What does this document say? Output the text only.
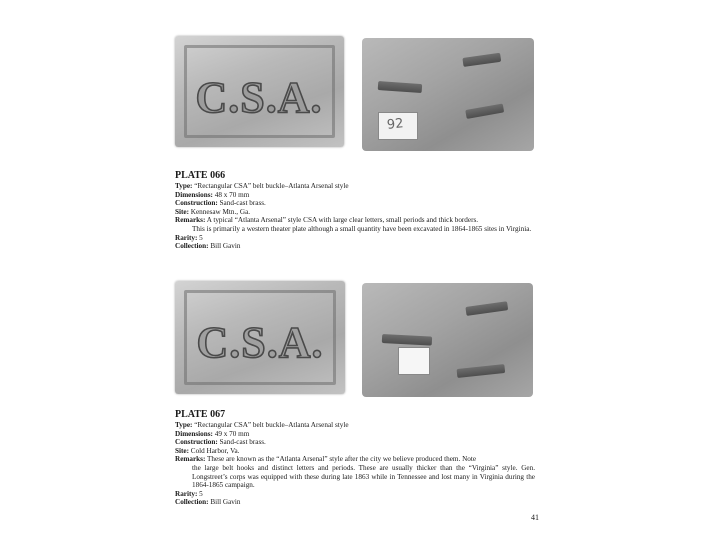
C.S.A.
92
PLATE 066
Type: “Rectangular CSA” belt buckle–Atlanta Arsenal style
Dimensions: 48 x 70 mm
Construction: Sand-cast brass.
Site: Kennesaw Mtn., Ga.
Remarks: A typical “Atlanta Arsenal” style CSA with large clear letters, small periods and thick borders.
This is primarily a western theater plate although a small quantity have been excavated in 1864-1865 sites in Virginia.
Rarity: 5
Collection: Bill Gavin
C.S.A.
PLATE 067
Type: “Rectangular CSA” belt buckle–Atlanta Arsenal style
Dimensions: 49 x 70 mm
Construction: Sand-cast brass.
Site: Cold Harbor, Va.
Remarks: These are known as the “Atlanta Arsenal” style after the city we believe produced them. Note
the large belt hooks and distinct letters and periods. These are usually thicker than the “Virginia” style. Gen. Longstreet’s corps was equipped with these during late 1863 while in Tennessee and lost many in Virginia during the 1864-1865 campaign.
Rarity: 5
Collection: Bill Gavin
41
